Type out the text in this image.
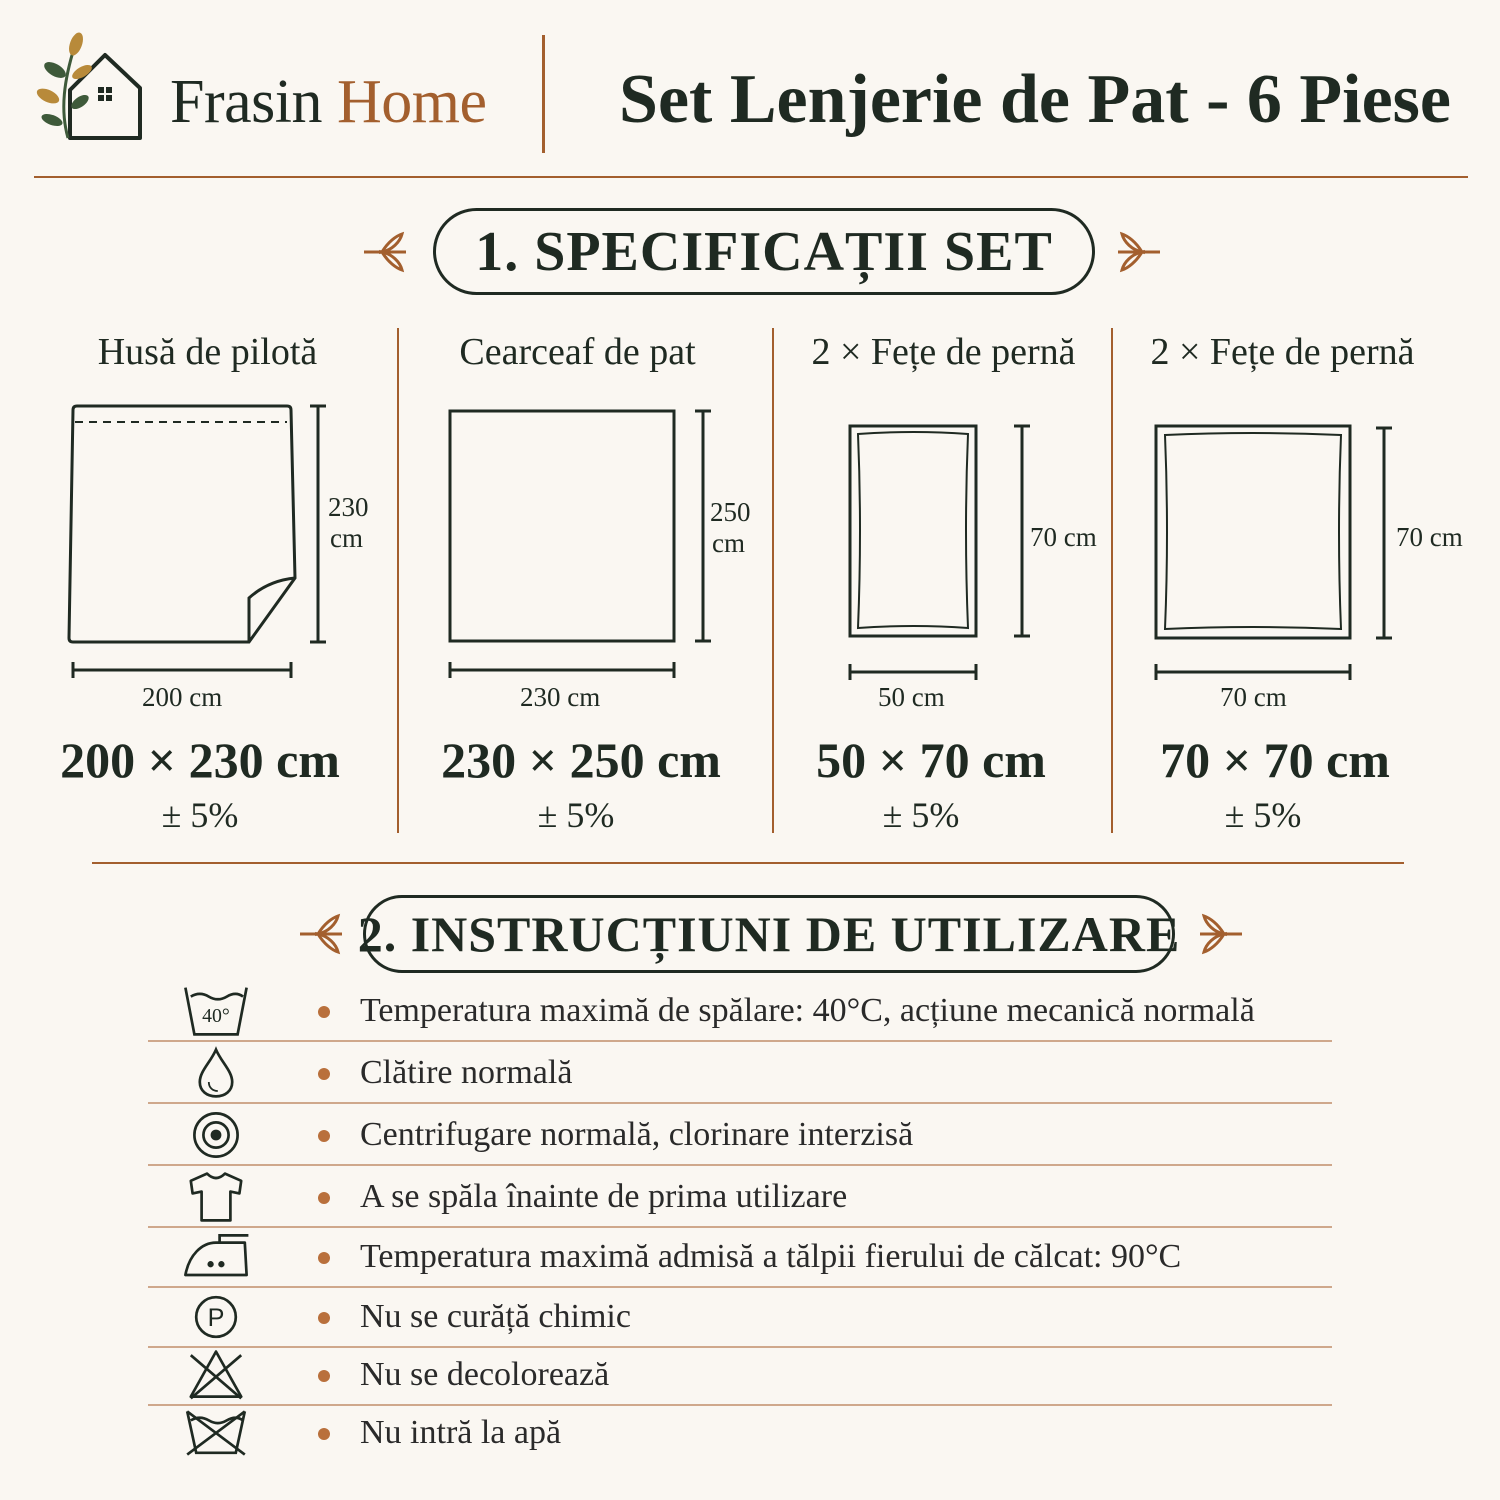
Frasin Home	Set Lenjerie de Pat - 6 Piese
1. SPECIFICAȚII SET
Husă de pilotă
230
cm
200 cm
200 × 230 cm
± 5%
Cearceaf de pat
250
cm
230 cm
230 × 250 cm
± 5%
2 × Fețe de pernă
70 cm
50 cm
50 × 70 cm
± 5%
2 × Fețe de pernă
70 cm
70 cm
70 × 70 cm
± 5%
2. INSTRUCȚIUNI DE UTILIZARE
40°	Temperatura maximă de spălare: 40°C, acțiune mecanică normală
Clătire normală
Centrifugare normală, clorinare interzisă
A se spăla înainte de prima utilizare
Temperatura maximă admisă a tălpii fierului de călcat: 90°C
P	Nu se curăță chimic
Nu se decolorează
Nu intră la apă
